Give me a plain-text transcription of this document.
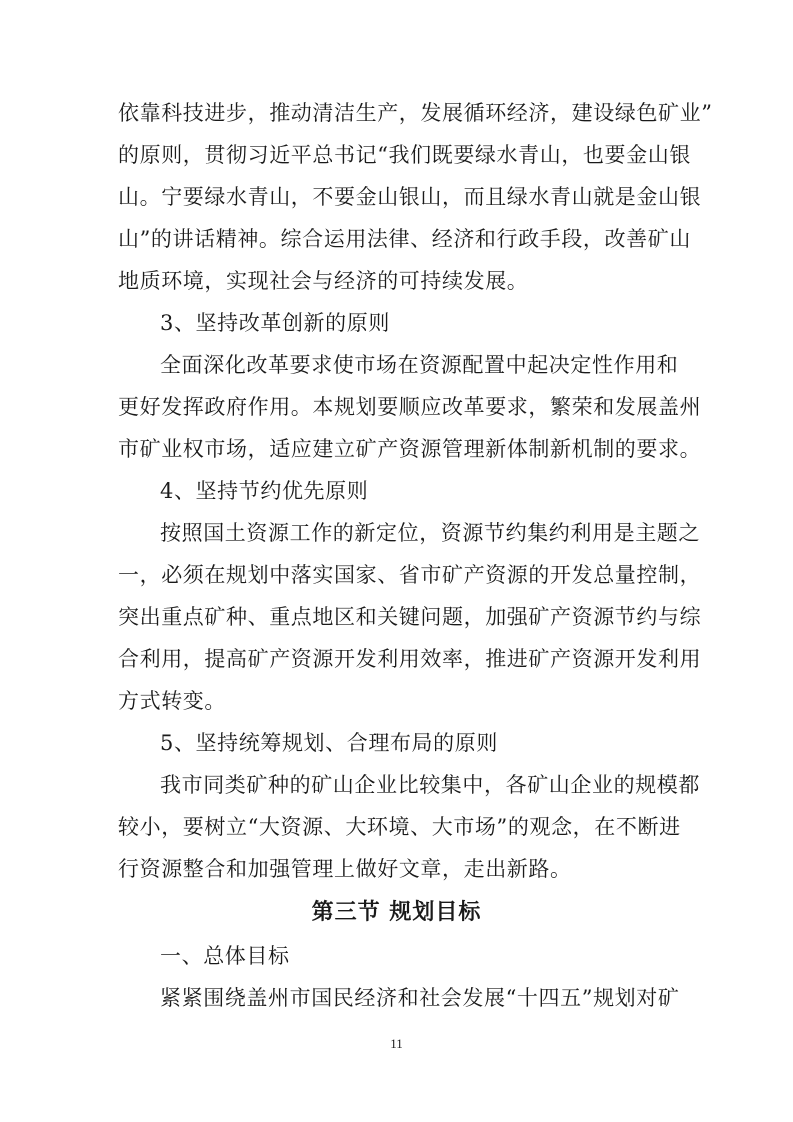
依靠科技进步，推动清洁生产，发展循环经济，建设绿色矿业”
的原则，贯彻习近平总书记“我们既要绿水青山，也要金山银
山。宁要绿水青山，不要金山银山，而且绿水青山就是金山银
山”的讲话精神。综合运用法律、经济和行政手段，改善矿山
地质环境，实现社会与经济的可持续发展。
3、坚持改革创新的原则
全面深化改革要求使市场在资源配置中起决定性作用和
更好发挥政府作用。本规划要顺应改革要求，繁荣和发展盖州
市矿业权市场，适应建立矿产资源管理新体制新机制的要求。
4、坚持节约优先原则
按照国土资源工作的新定位，资源节约集约利用是主题之
一，必须在规划中落实国家、省市矿产资源的开发总量控制，
突出重点矿种、重点地区和关键问题，加强矿产资源节约与综
合利用，提高矿产资源开发利用效率，推进矿产资源开发利用
方式转变。
5、坚持统筹规划、合理布局的原则
我市同类矿种的矿山企业比较集中，各矿山企业的规模都
较小，要树立“大资源、大环境、大市场”的观念，在不断进
行资源整合和加强管理上做好文章，走出新路。
第三节 规划目标
一、总体目标
紧紧围绕盖州市国民经济和社会发展“十四五”规划对矿
11
